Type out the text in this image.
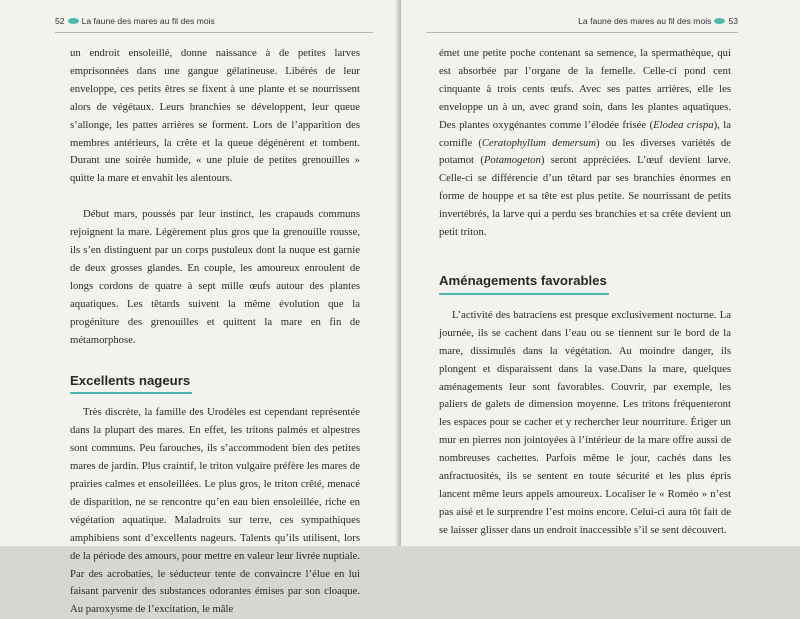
52 La faune des mares au fil des mois

un endroit ensoleillé, donne naissance à de petites larves emprisonnées dans une gangue gélatineuse. Libérés de leur enveloppe, ces petits êtres se fixent à une plante et se nourrissent alors de végétaux. Leurs branchies se développent, leur queue s’allonge, les pattes arrières se forment. Lors de l’apparition des membres antérieurs, la crête et la queue dégénèrent et tombent. Durant une soirée humide, « une pluie de petites grenouilles » quitte la mare et envahit les alentours.

Début mars, poussés par leur instinct, les crapauds communs rejoignent la mare. Légèrement plus gros que la grenouille rousse, ils s’en distinguent par un corps pustuleux dont la nuque est garnie de deux grosses glandes. En couple, les amoureux enroulent de longs cordons de quatre à sept mille œufs autour des plantes aquatiques. Les têtards suivent la même évolution que la progéniture des grenouilles et quittent la mare en fin de métamorphose.

Excellents nageurs

Très discrète, la famille des Urodèles est cependant représentée dans la plupart des mares. En effet, les tritons palmés et alpestres sont communs. Peu farouches, ils s’accommodent bien des petites mares de jardin. Plus craintif, le triton vulgaire préfère les mares de prairies calmes et ensoleillées. Le plus gros, le triton crêté, menacé de disparition, ne se rencontre qu’en eau bien ensoleillée, riche en végétation aquatique. Maladroits sur terre, ces sympathiques amphibiens sont d’excellents nageurs. Talents qu’ils utilisent, lors de la période des amours, pour mettre en valeur leur livrée nuptiale. Par des acrobaties, le séducteur tente de convaincre l’élue en lui faisant parvenir des substances odorantes émises par son cloaque. Au paroxysme de l’excitation, le mâle

La faune des mares au fil des mois 53

émet une petite poche contenant sa semence, la spermathèque, qui est absorbée par l’organe de la femelle. Celle-ci pond cent cinquante à trois cents œufs. Avec ses pattes arrières, elle les enveloppe un à un, avec grand soin, dans les plantes aquatiques. Des plantes oxygénantes comme l’élodée frisée (Elodea crispa), la cornifle (Ceratophyllum demersum) ou les diverses variétés de potamot (Potamogeton) seront appréciées. L’œuf devient larve. Celle-ci se différencie d’un têtard par ses branchies énormes en forme de houppe et sa tête est plus petite. Se nourrissant de petits invertébrés, la larve qui a perdu ses branchies et sa crête devient un petit triton.

Aménagements favorables

L’activité des batraciens est presque exclusivement nocturne. La journée, ils se cachent dans l’eau ou se tiennent sur le bord de la mare, dissimulés dans la végétation. Au moindre danger, ils plongent et disparaissent dans la vase.Dans la mare, quelques aménagements leur sont favorables. Couvrir, par exemple, les paliers de galets de dimension moyenne. Les tritons fréquenteront les espaces pour se cacher et y rechercher leur nourriture. Ériger un mur en pierres non jointoyées à l’intérieur de la mare offre aussi de nombreuses cachettes. Parfois même le jour, cachés dans les anfractuosités, ils se sentent en toute sécurité et les plus épris lancent même leurs appels amoureux. Localiser le « Roméo » n’est pas aisé et le surprendre l’est moins encore. Celui-ci aura tôt fait de se laisser glisser dans un endroit inaccessible s’il se sent découvert.
